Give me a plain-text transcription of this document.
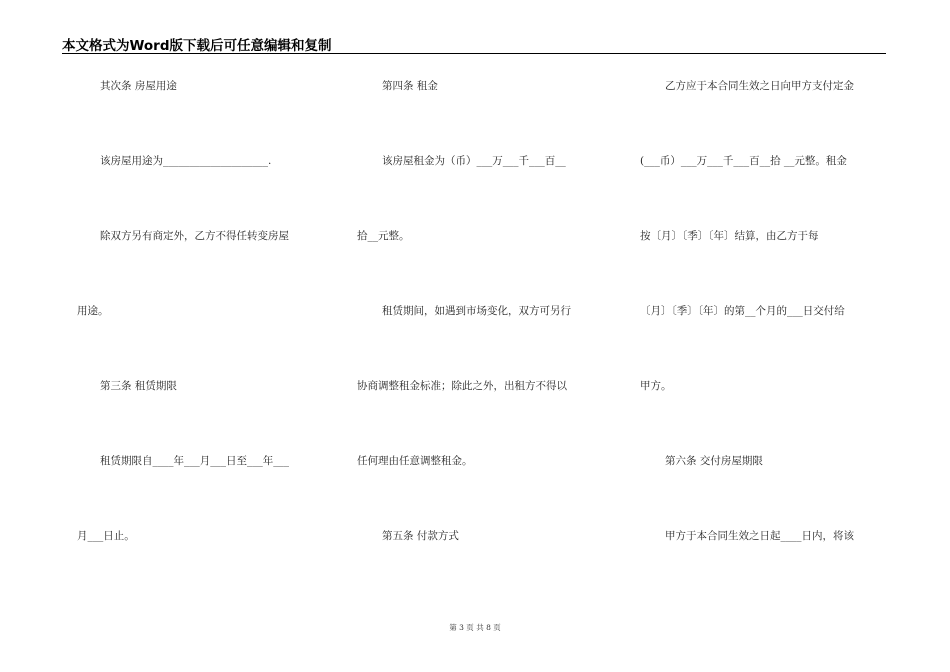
本文格式为Word版下载后可任意编辑和复制
其次条 房屋用途
该房屋用途为____________________.
除双方另有商定外，乙方不得任转变房屋
用途。
第三条 租赁期限
租赁期限自____年___月___日至___年___
月___日止。
第四条 租金
该房屋租金为（币）___万___千___百__
拾__元整。
租赁期间，如遇到市场变化，双方可另行
协商调整租金标准；除此之外，出租方不得以
任何理由任意调整租金。
第五条 付款方式
乙方应于本合同生效之日向甲方支付定金
(___币）___万___千___百__拾 __元整。租金
按〔月〕〔季〕〔年〕结算，由乙方于每
〔月〕〔季〕〔年〕的第__个月的___日交付给
甲方。
第六条 交付房屋期限
甲方于本合同生效之日起____日内，将该
第 3 页 共 8 页
